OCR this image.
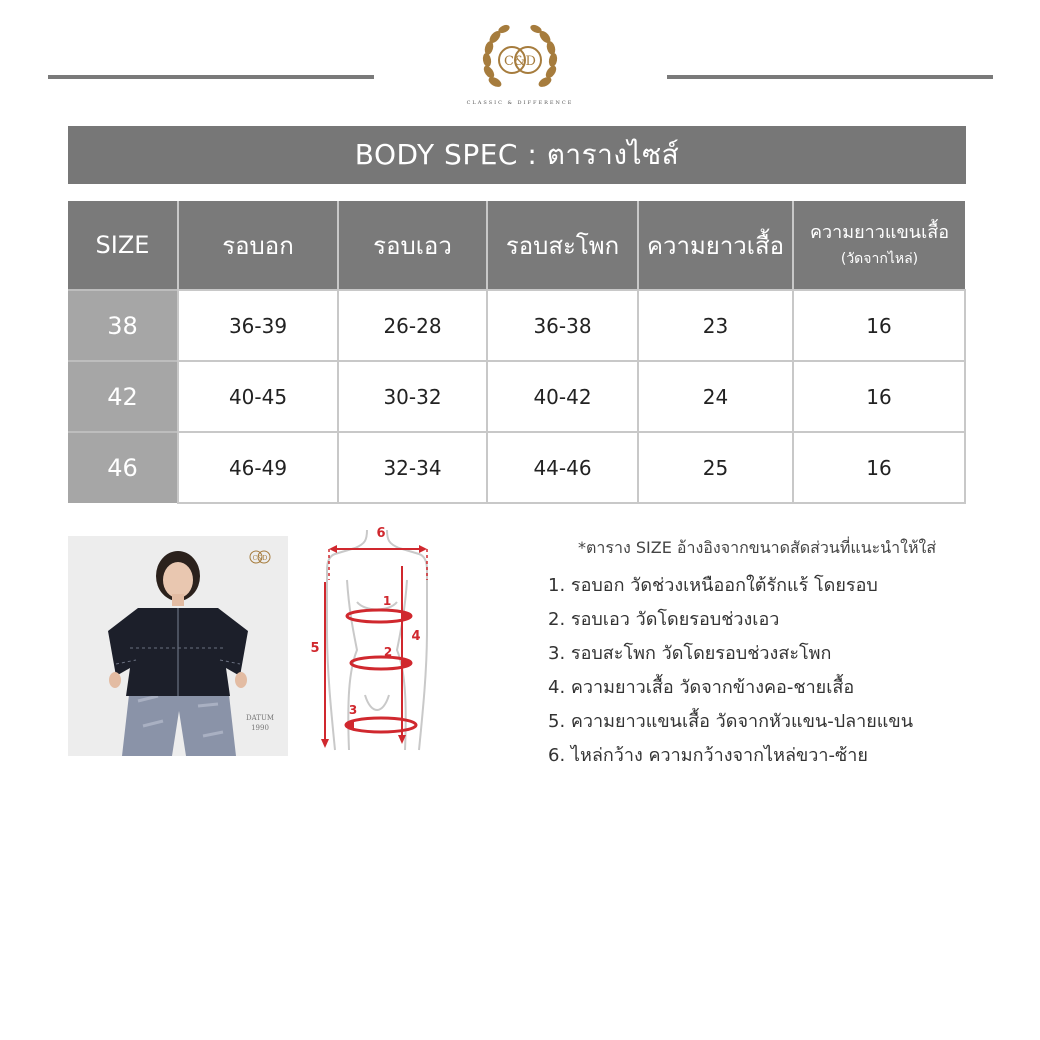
C&D
CLASSIC & DIFFERENCE
BODY SPEC : ตารางไซส์
SIZE	รอบอก	รอบเอว	รอบสะโพก	ความยาวเสื้อ	ความยาวแขนเสื้อ
(วัดจากไหล่)

38	36-39	26-28	36-38	23	16
42	40-45	30-32	40-42	24	16
46	46-49	32-34	44-46	25	16
C&D
DATUM
1990
6
5
4
1
2
3
*ตาราง SIZE อ้างอิงจากขนาดสัดส่วนที่แนะนำให้ใส่
1. รอบอก วัดช่วงเหนืออกใต้รักแร้ โดยรอบ
2. รอบเอว วัดโดยรอบช่วงเอว
3. รอบสะโพก วัดโดยรอบช่วงสะโพก
4. ความยาวเสื้อ วัดจากข้างคอ-ชายเสื้อ
5. ความยาวแขนเสื้อ วัดจากหัวแขน-ปลายแขน
6. ไหล่กว้าง ความกว้างจากไหล่ขวา-ซ้าย
